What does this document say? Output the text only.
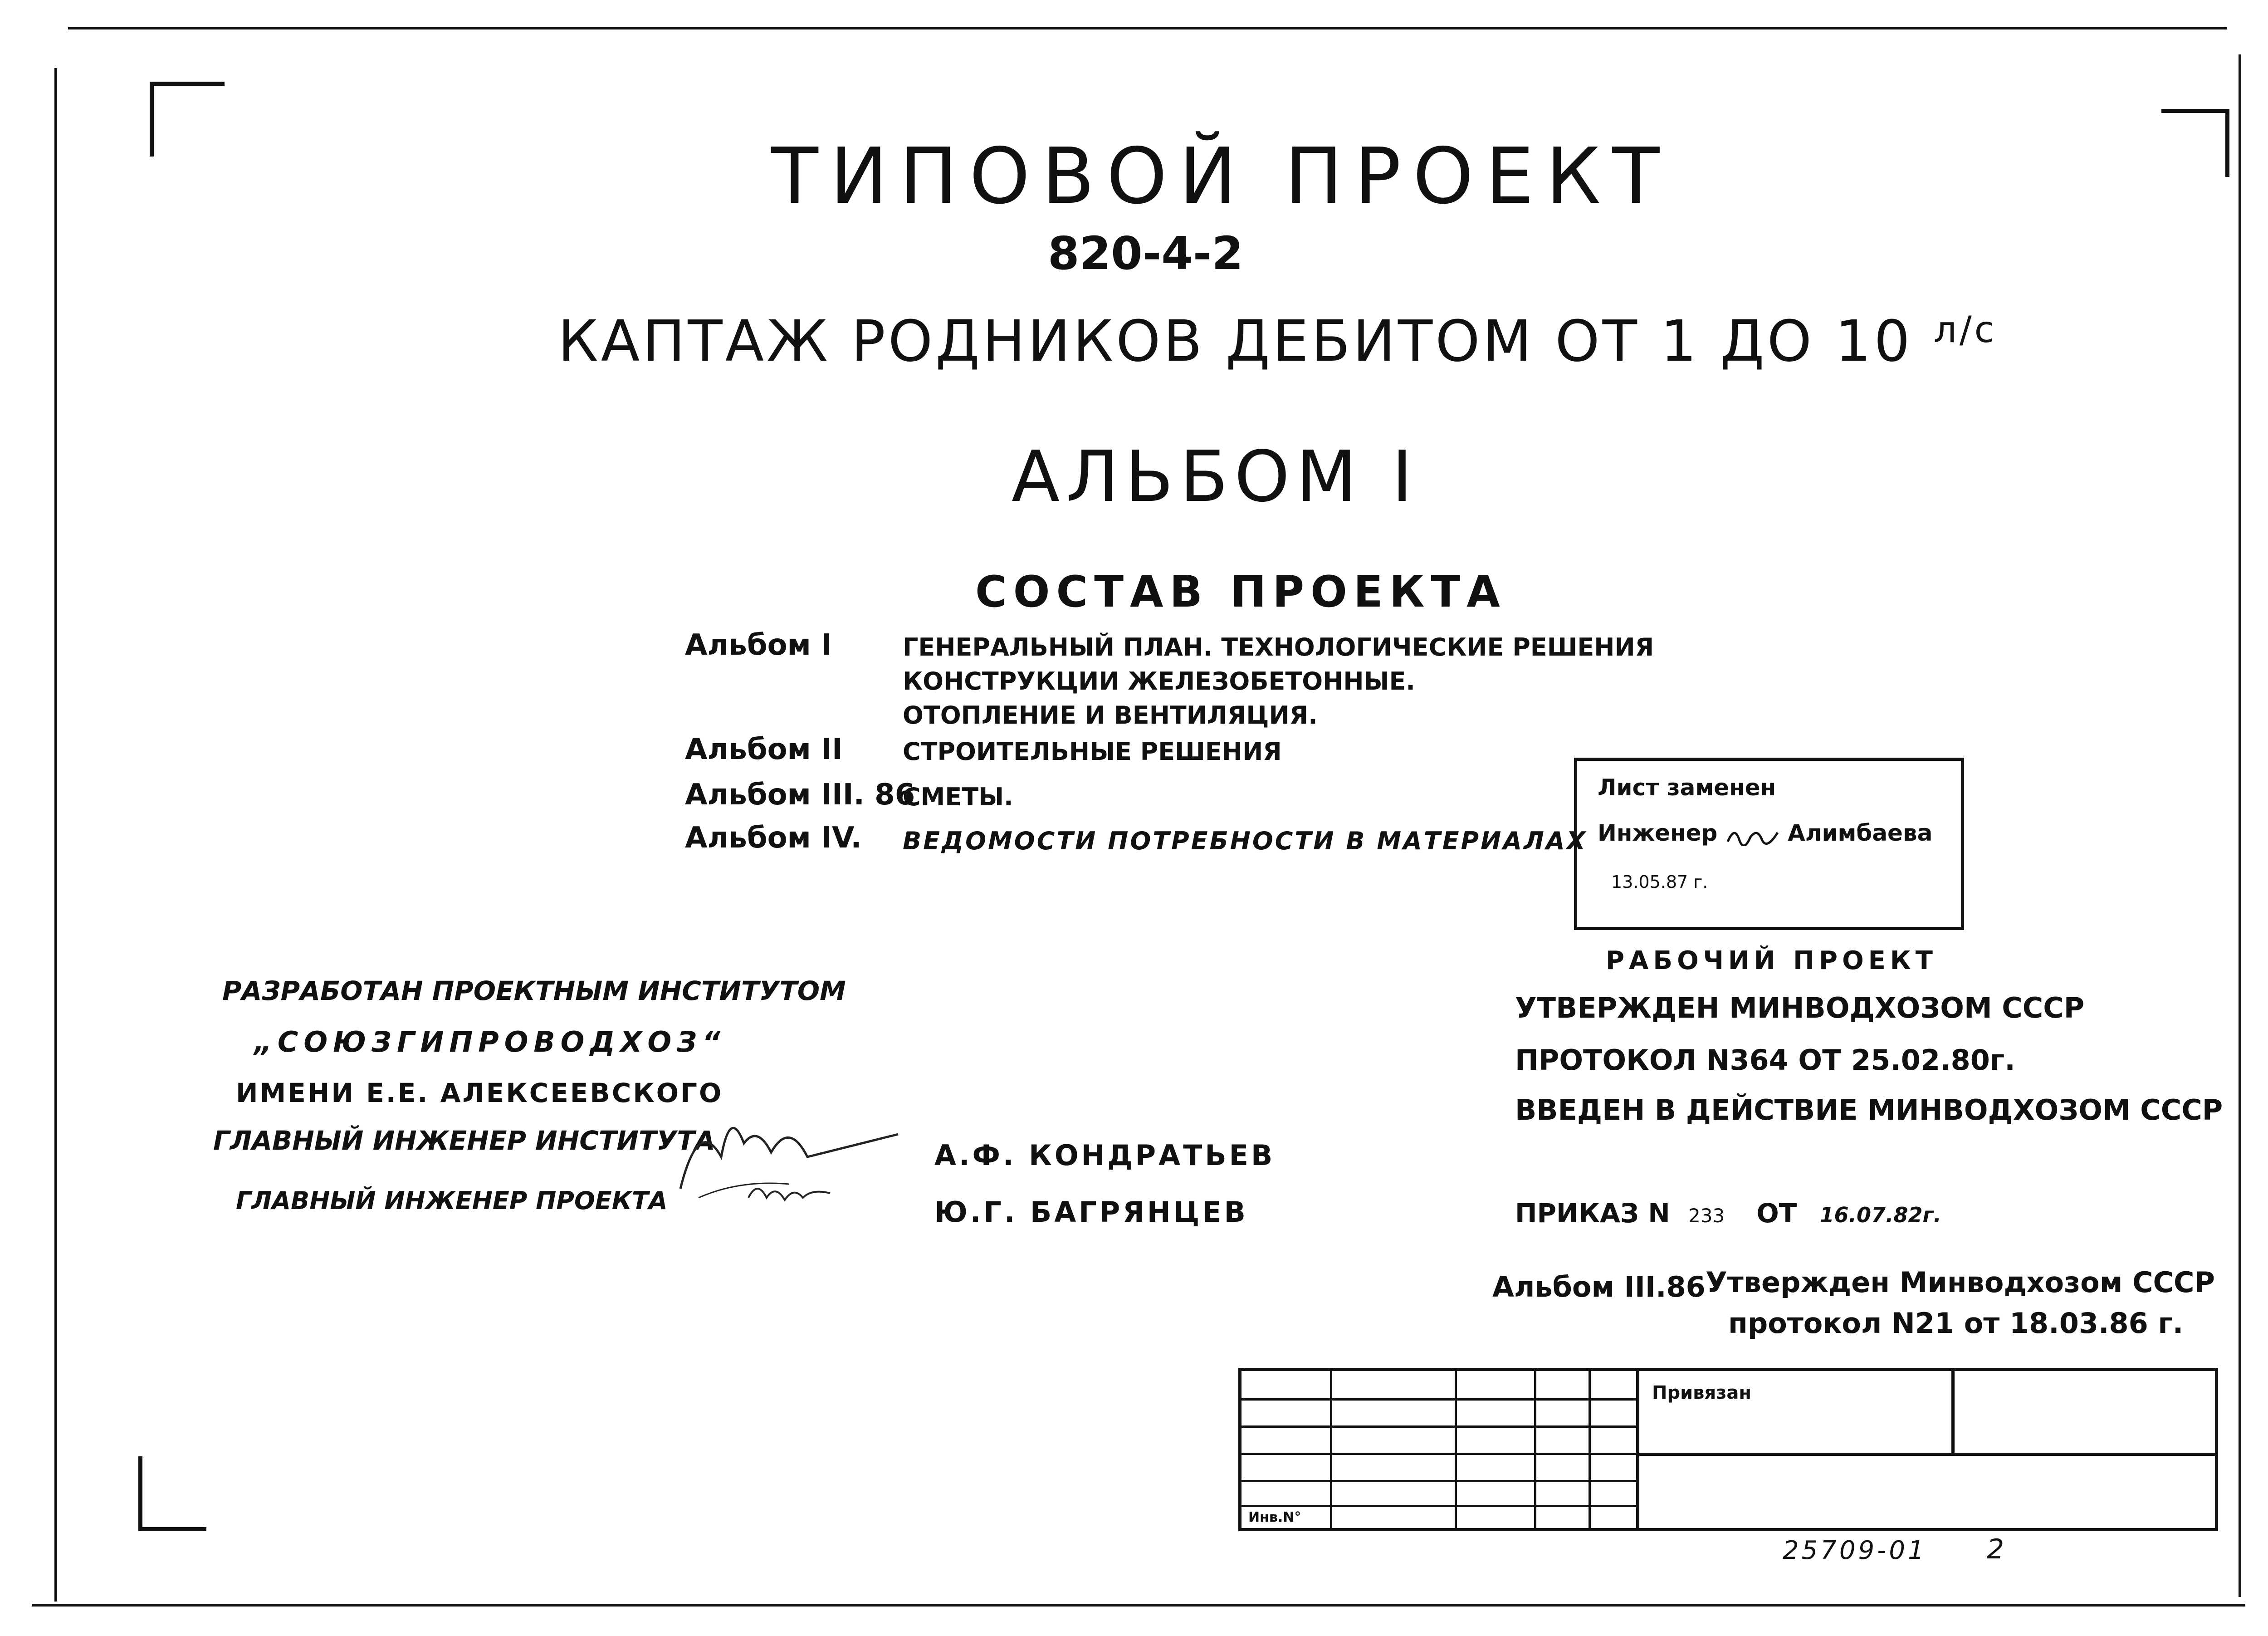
ТИПОВОЙ ПРОЕКТ
820-4-2
КАПТАЖ РОДНИКОВ ДЕБИТОМ ОТ 1 ДО 10 $^{л/с}$
АЛЬБОМ I
СОСТАВ ПРОЕКТА
Альбом I	ГЕНЕРАЛЬНЫЙ ПЛАН. ТЕХНОЛОГИЧЕСКИЕ РЕШЕНИЯ
КОНСТРУКЦИИ ЖЕЛЕЗОБЕТОННЫЕ.
ОТОПЛЕНИЕ И ВЕНТИЛЯЦИЯ.
Альбом II СТРОИТЕЛЬНЫЕ РЕШЕНИЯ
Альбом III. 86
СМЕТЫ.
Альбом IV. ВЕДОМОСТИ ПОТРЕБНОСТИ В МАТЕРИАЛАХ
Лист заменен
Инженер	Алимбаева
13.05.87 г.
РАЗРАБОТАН ПРОЕКТНЫМ ИНСТИТУТОМ
„СОЮЗГИПРОВОДХОЗ“
ИМЕНИ Е.Е. АЛЕКСЕЕВСКОГО
ГЛАВНЫЙ ИНЖЕНЕР ИНСТИТУТА
ГЛАВНЫЙ ИНЖЕНЕР ПРОЕКТА
А.Ф. КОНДРАТЬЕВ
Ю.Г. БАГРЯНЦЕВ
РАБОЧИЙ ПРОЕКТ
УТВЕРЖДЕН МИНВОДХОЗОМ СССР
ПРОТОКОЛ N364 ОТ 25.02.80г.
ВВЕДЕН В ДЕЙСТВИЕ МИНВОДХОЗОМ СССР
ПРИКАЗ N 233 ОТ 16.07.82г.
Альбом III.86 Утвержден Минводхозом СССР
протокол N21 от 18.03.86 г.
Привязан
Инв.N°
25709-01 2
